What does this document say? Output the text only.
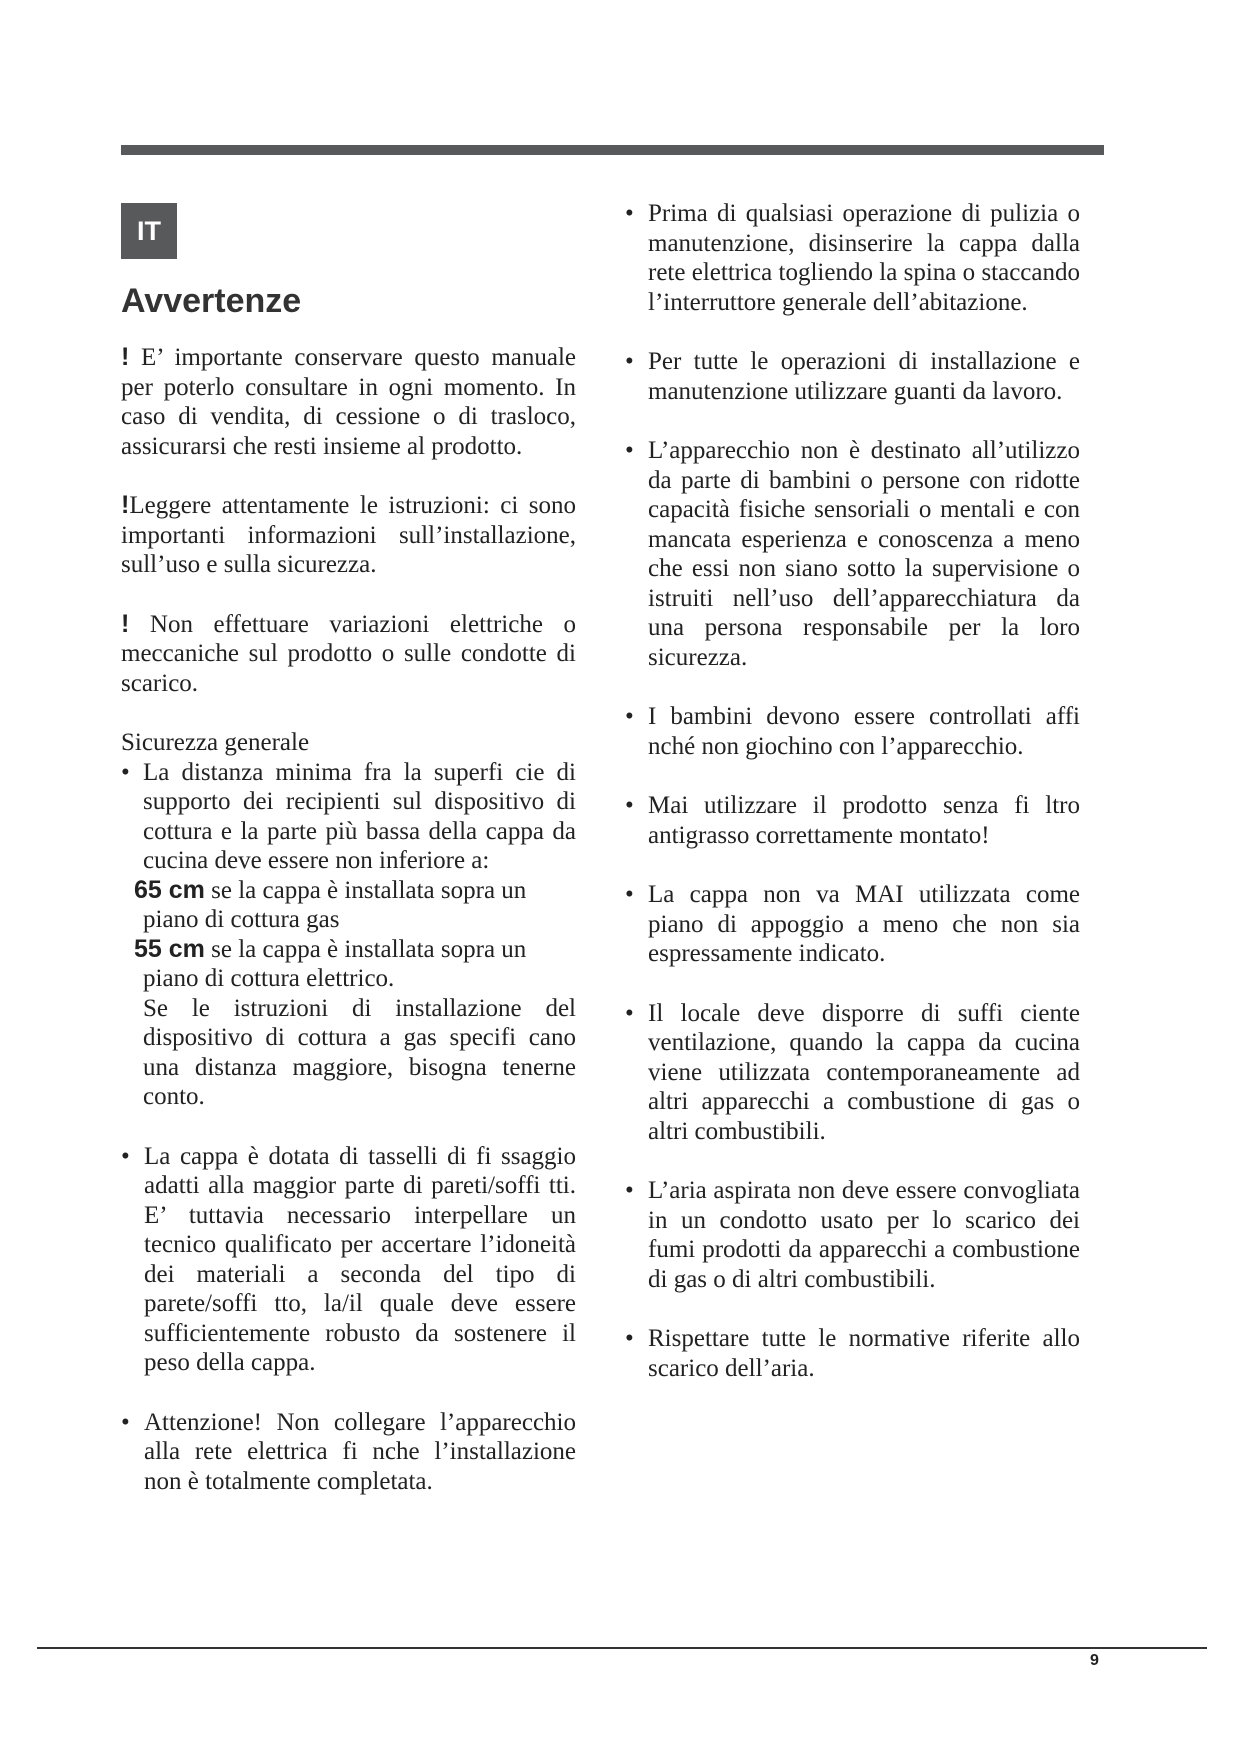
IT
Avvertenze

! E’ importante conservare questo manuale per poterlo consultare in ogni momento. In caso di vendita, di cessione o di trasloco, assicurarsi che resti insieme al prodotto.

!Leggere attentamente le istruzioni: ci sono importanti informazioni sull’installazione, sull’uso e sulla sicurezza.

! Non effettuare variazioni elettriche o meccaniche sul prodotto o sulle condotte di scarico.

Sicurezza generale
• La distanza minima fra la superfi cie di supporto dei recipienti sul dispositivo di cottura e la parte più bassa della cappa da cucina deve essere non inferiore a:
65 cm se la cappa è installata sopra un
piano di cottura gas
55 cm se la cappa è installata sopra un
piano di cottura elettrico.

Se le istruzioni di installazione del dispositivo di cottura a gas specifi cano una distanza maggiore, bisogna tenerne conto.

• La cappa è dotata di tasselli di fi ssaggio adatti alla maggior parte di pareti/soffi tti. E’ tuttavia necessario interpellare un tecnico qualificato per accertare l’idoneità dei materiali a seconda del tipo di parete/soffi tto, la/il quale deve essere sufficientemente robusto da sostenere il peso della cappa.
• Attenzione! Non collegare l’apparecchio alla rete elettrica fi nche l’installazione non è totalmente completata.
• Prima di qualsiasi operazione di pulizia o manutenzione, disinserire la cappa dalla rete elettrica togliendo la spina o staccando l’interruttore generale dell’abitazione.
• Per tutte le operazioni di installazione e manutenzione utilizzare guanti da lavoro.
• L’apparecchio non è destinato all’utilizzo da parte di bambini o persone con ridotte capacità fisiche sensoriali o mentali e con mancata esperienza e conoscenza a meno che essi non siano sotto la supervisione o istruiti nell’uso dell’apparecchiatura da una persona responsabile per la loro sicurezza.
• I bambini devono essere controllati affi nché non giochino con l’apparecchio.
• Mai utilizzare il prodotto senza fi ltro antigrasso correttamente montato!
• La cappa non va MAI utilizzata come piano di appoggio a meno che non sia espressamente indicato.
• Il locale deve disporre di suffi ciente ventilazione, quando la cappa da cucina viene utilizzata contemporaneamente ad altri apparecchi a combustione di gas o altri combustibili.
• L’aria aspirata non deve essere convogliata in un condotto usato per lo scarico dei fumi prodotti da apparecchi a combustione di gas o di altri combustibili.
• Rispettare tutte le normative riferite allo scarico dell’aria.
9
